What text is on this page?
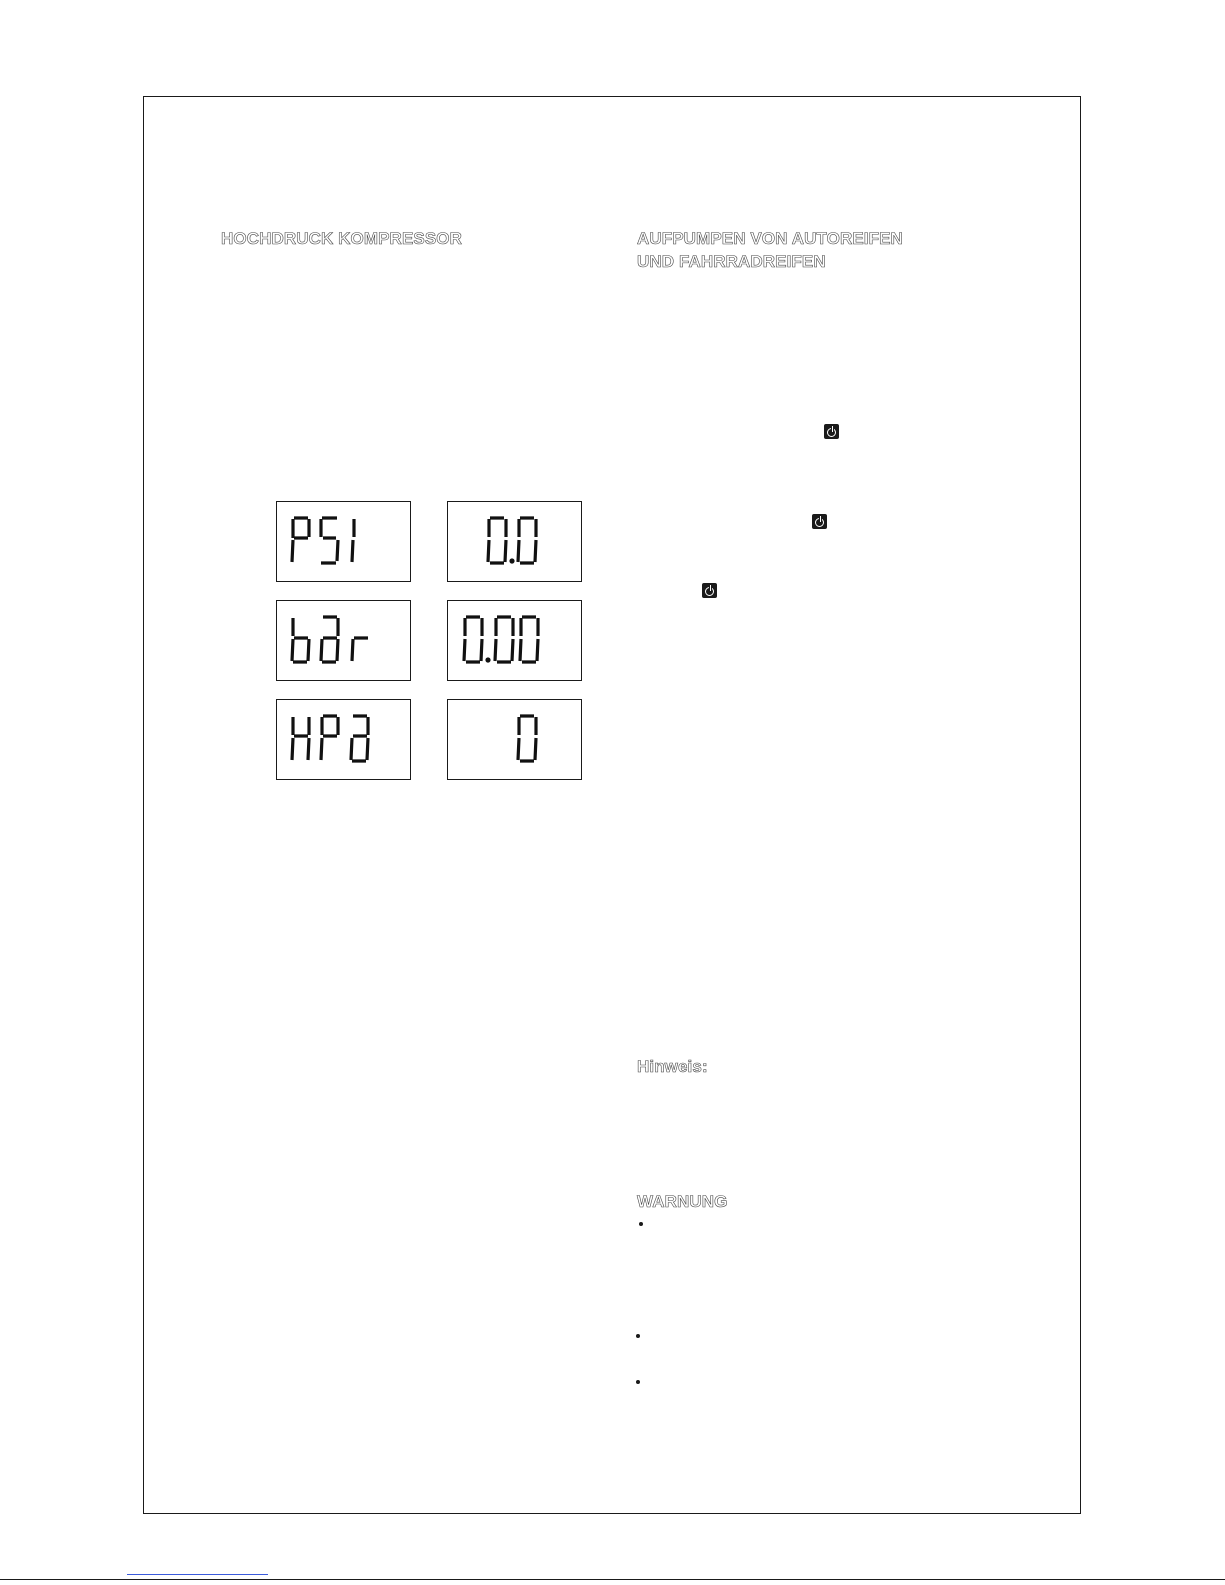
HOCHDRUCK KOMPRESSOR	AUFPUMPEN VON AUTOREIFEN
UND FAHRRADREIFEN
Hinweis:
WARNUNG
